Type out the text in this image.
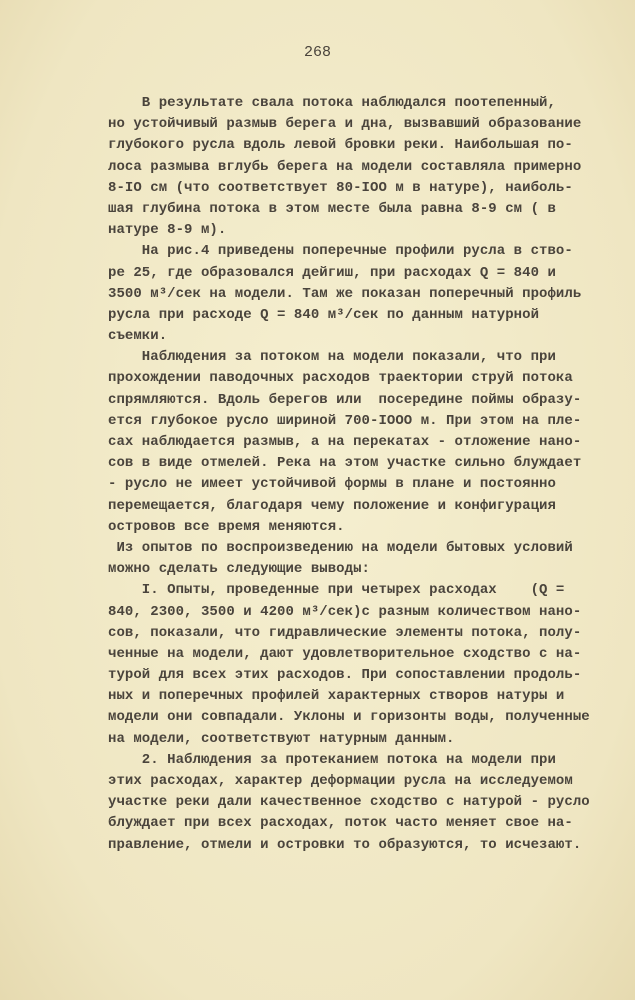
268
В результате свала потока наблюдался поотепенный,
но устойчивый размыв берега и дна, вызвавший образование
глубокого русла вдоль левой бровки реки. Наибольшая по-
лоса размыва вглубь берега на модели составляла примерно
8-IO см (что соответствует 80-IOO м в натуре), наиболь-
шая глубина потока в этом месте была равна 8-9 см ( в
натуре 8-9 м).
На рис.4 приведены поперечные профили русла в ство-
ре 25, где образовался дейгиш, при расходах Q = 840 и
3500 м³/сек на модели. Там же показан поперечный профиль
русла при расходе Q = 840 м³/сек по данным натурной
съемки.
Наблюдения за потоком на модели показали, что при
прохождении паводочных расходов траектории струй потока
спрямляются. Вдоль берегов или  посередине поймы образу-
ется глубокое русло шириной 700-IOOO м. При этом на пле-
сах наблюдается размыв, а на перекатах - отложение нано-
сов в виде отмелей. Река на этом участке сильно блуждает
- русло не имеет устойчивой формы в плане и постоянно
перемещается, благодаря чему положение и конфигурация
островов все время меняются.
Из опытов по воспроизведению на модели бытовых условий
можно сделать следующие выводы:
I. Опыты, проведенные при четырех расходах    (Q =
840, 2300, 3500 и 4200 м³/сек)с разным количеством нано-
сов, показали, что гидравлические элементы потока, полу-
ченные на модели, дают удовлетворительное сходство с на-
турой для всех этих расходов. При сопоставлении продоль-
ных и поперечных профилей характерных створов натуры и
модели они совпадали. Уклоны и горизонты воды, полученные
на модели, соответствуют натурным данным.
2. Наблюдения за протеканием потока на модели при
этих расходах, характер деформации русла на исследуемом
участке реки дали качественное сходство с натурой - русло
блуждает при всех расходах, поток часто меняет свое на-
правление, отмели и островки то образуются, то исчезают.
